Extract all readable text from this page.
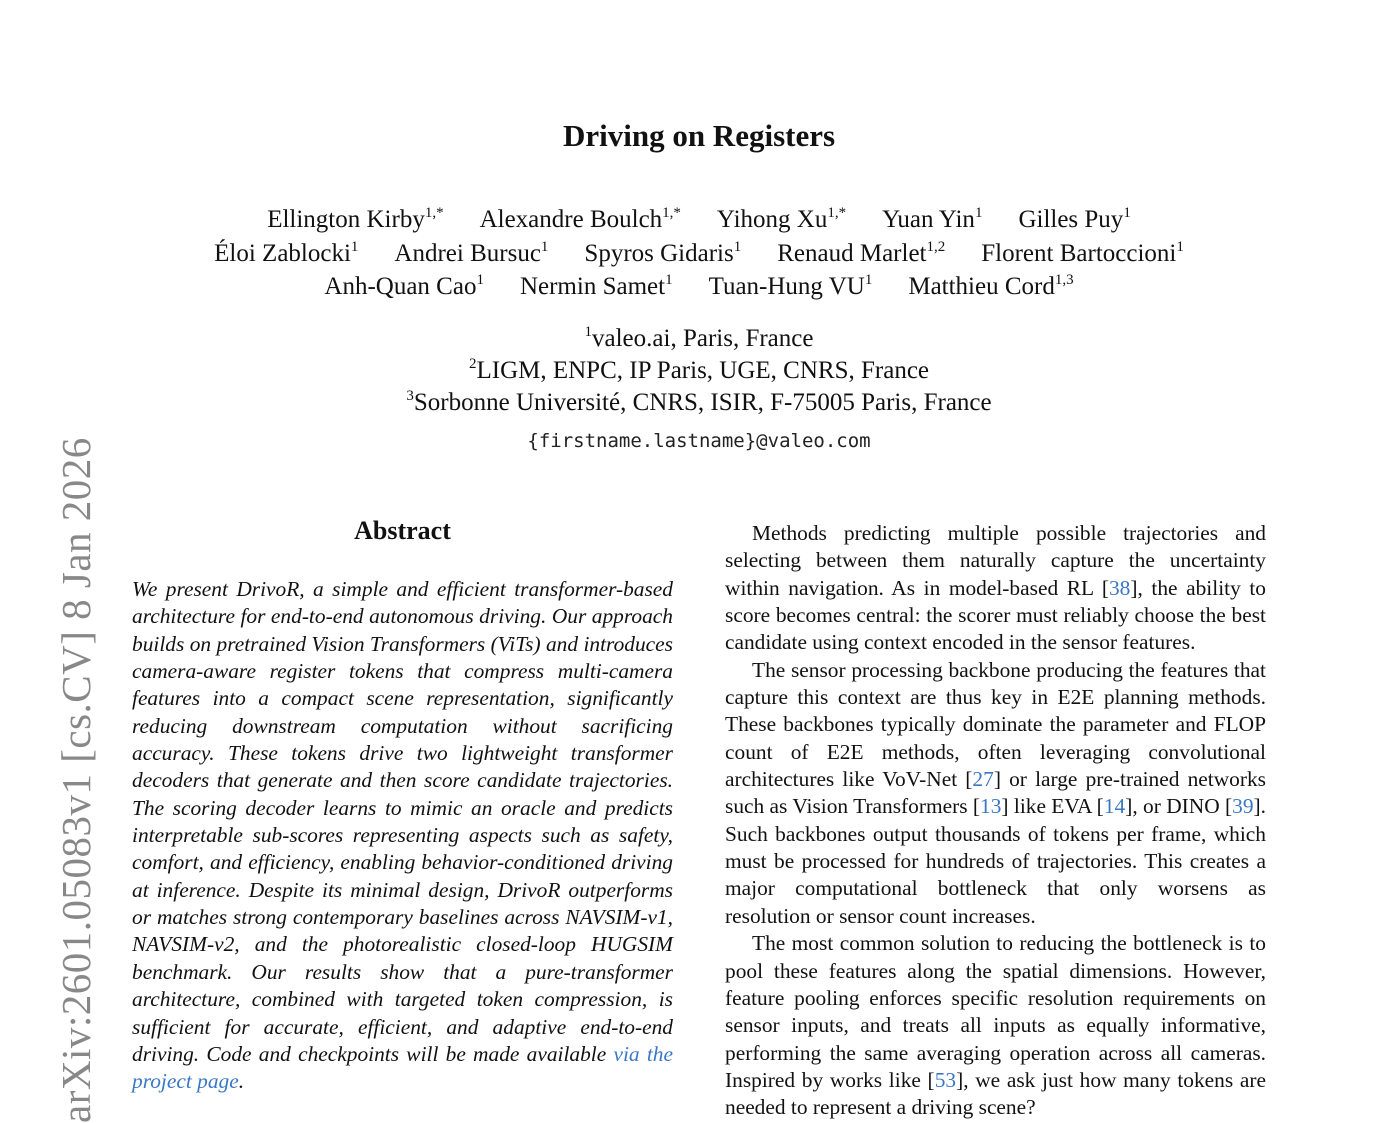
arXiv:2601.05083v1 [cs.CV] 8 Jan 2026
Driving on Registers
Ellington Kirby$^{1,*}$ Alexandre Boulch$^{1,*}$ Yihong $Xu^{1,*}$ Yuan Yin$^1$ Gilles Puy$^1$
Éloi Zablocki$^1$ Andrei Bursuc$^1$ Spyros Gidaris$^1$ Renaud Marlet$^{1,2}$ Florent Bartoccioni$^1$
Anh-Quan Cao$^1$ Nermin Samet$^1$ Tuan-Hung $VU^1$ Matthieu Cord$^{1,3}$
$^1$valeo.ai, Paris, France
$^2$LIGM, ENPC, IP Paris, UGE, CNRS, France
$^3$Sorbonne Université, CNRS, ISIR, F-75005 Paris, France
{firstname.lastname}@valeo.com
Abstract
We present DrivoR, a simple and efficient transformer-based architecture for end-to-end autonomous driving. Our approach builds on pretrained Vision Transformers (ViTs) and introduces camera-aware register tokens that compress multi-camera features into a compact scene representation, significantly reducing downstream computation without sacrificing accuracy. These tokens drive two lightweight transformer decoders that generate and then score candidate trajectories. The scoring decoder learns to mimic an oracle and predicts interpretable sub-scores representing aspects such as safety, comfort, and efficiency, enabling behavior-conditioned driving at inference. Despite its minimal design, DrivoR outperforms or matches strong contemporary baselines across NAVSIM-v1, NAVSIM-v2, and the photorealistic closed-loop HUGSIM benchmark. Our results show that a pure-transformer architecture, combined with targeted token compression, is sufficient for accurate, efficient, and adaptive end-to-end driving. Code and checkpoints will be made available via the project page.

Methods predicting multiple possible trajectories and selecting between them naturally capture the uncertainty within navigation. As in model-based RL [38], the ability to score becomes central: the scorer must reliably choose the best candidate using context encoded in the sensor features.

The sensor processing backbone producing the features that capture this context are thus key in E2E planning methods. These backbones typically dominate the parameter and FLOP count of E2E methods, often leveraging convolutional architectures like VoV-Net [27] or large pre-trained networks such as Vision Transformers [13] like EVA [14], or DINO [39]. Such backbones output thousands of tokens per frame, which must be processed for hundreds of trajectories. This creates a major computational bottleneck that only worsens as resolution or sensor count increases.

The most common solution to reducing the bottleneck is to pool these features along the spatial dimensions. However, feature pooling enforces specific resolution requirements on sensor inputs, and treats all inputs as equally informative, performing the same averaging operation across all cameras. Inspired by works like [53], we ask just how many tokens are needed to represent a driving scene?
